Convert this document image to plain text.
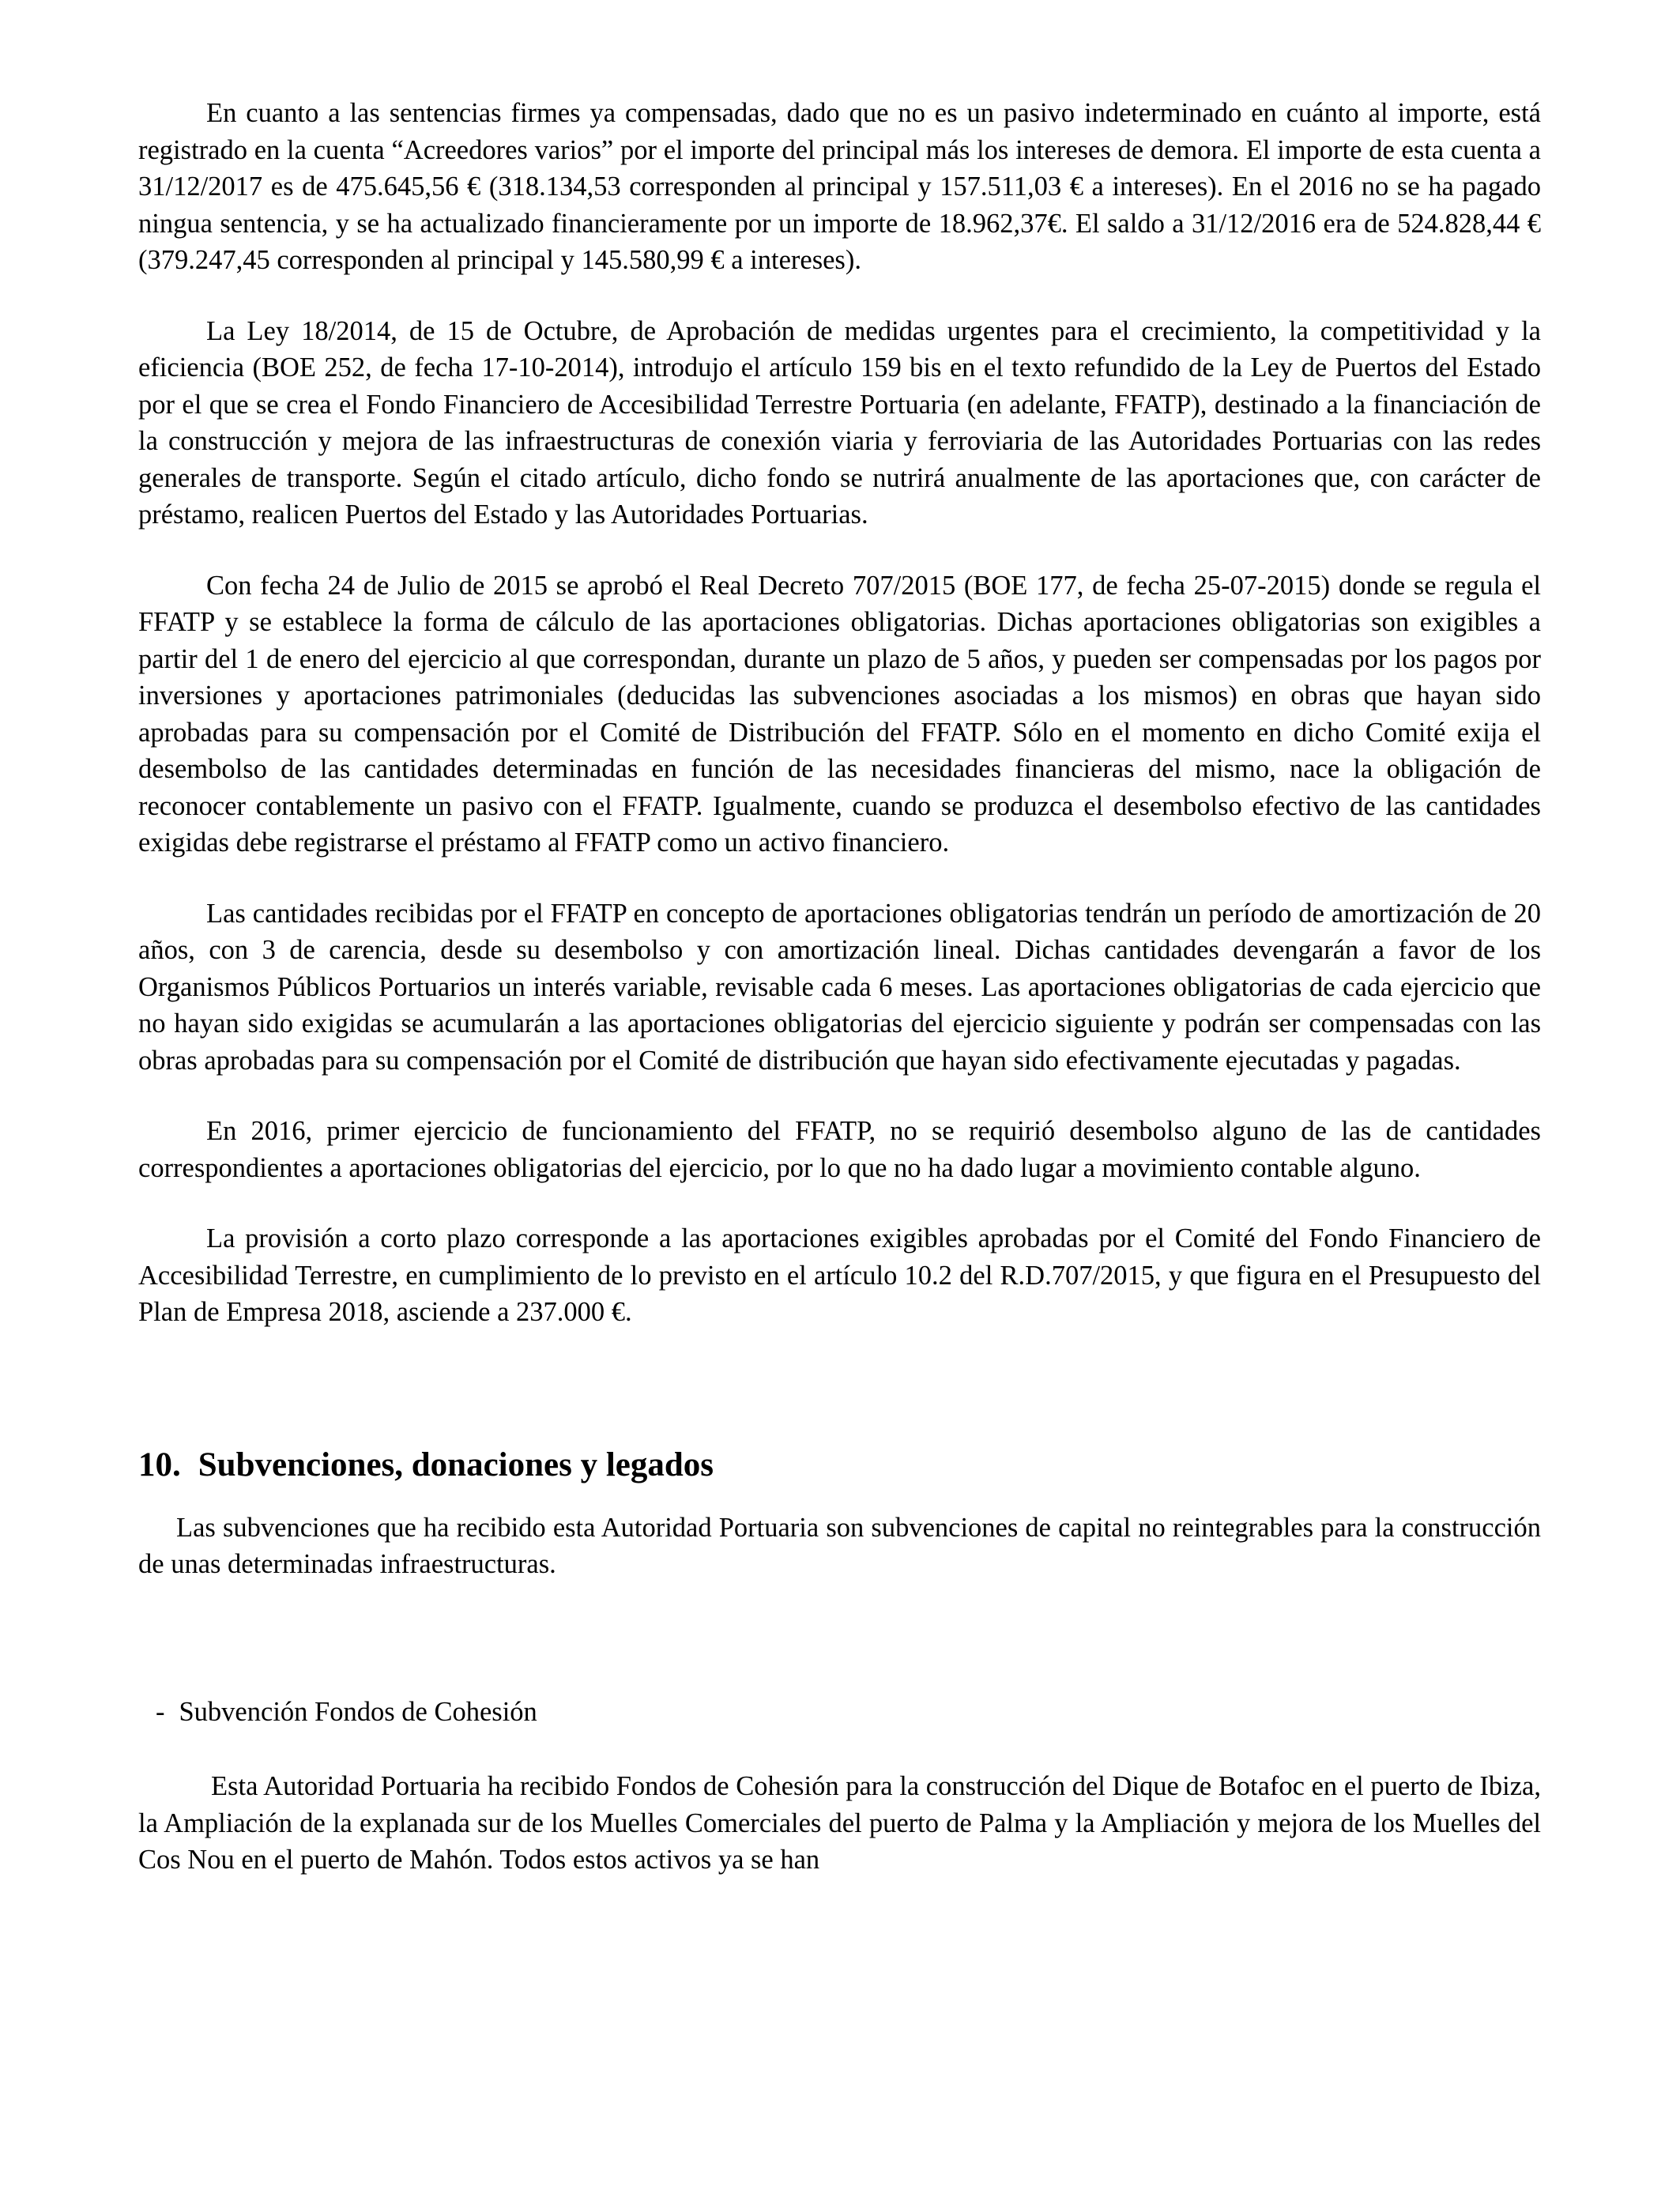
En cuanto a las sentencias firmes ya compensadas, dado que no es un pasivo indeterminado en cuánto al importe, está registrado en la cuenta “Acreedores varios” por el importe del principal más los intereses de demora. El importe de esta cuenta a 31/12/2017 es de 475.645,56 € (318.134,53 corresponden al principal y 157.511,03 € a intereses). En el 2016 no se ha pagado ningua sentencia, y se ha actualizado financieramente por un importe de 18.962,37€. El saldo a 31/12/2016 era de 524.828,44 € (379.247,45 corresponden al principal y 145.580,99 € a intereses).

La Ley 18/2014, de 15 de Octubre, de Aprobación de medidas urgentes para el crecimiento, la competitividad y la eficiencia (BOE 252, de fecha 17-10-2014), introdujo el artículo 159 bis en el texto refundido de la Ley de Puertos del Estado por el que se crea el Fondo Financiero de Accesibilidad Terrestre Portuaria (en adelante, FFATP), destinado a la financiación de la construcción y mejora de las infraestructuras de conexión viaria y ferroviaria de las Autoridades Portuarias con las redes generales de transporte. Según el citado artículo, dicho fondo se nutrirá anualmente de las aportaciones que, con carácter de préstamo, realicen Puertos del Estado y las Autoridades Portuarias.

Con fecha 24 de Julio de 2015 se aprobó el Real Decreto 707/2015 (BOE 177, de fecha 25-07-2015) donde se regula el FFATP y se establece la forma de cálculo de las aportaciones obligatorias. Dichas aportaciones obligatorias son exigibles a partir del 1 de enero del ejercicio al que correspondan, durante un plazo de 5 años, y pueden ser compensadas por los pagos por inversiones y aportaciones patrimoniales (deducidas las subvenciones asociadas a los mismos) en obras que hayan sido aprobadas para su compensación por el Comité de Distribución del FFATP. Sólo en el momento en dicho Comité exija el desembolso de las cantidades determinadas en función de las necesidades financieras del mismo, nace la obligación de reconocer contablemente un pasivo con el FFATP. Igualmente, cuando se produzca el desembolso efectivo de las cantidades exigidas debe registrarse el préstamo al FFATP como un activo financiero.

Las cantidades recibidas por el FFATP en concepto de aportaciones obligatorias tendrán un período de amortización de 20 años, con 3 de carencia, desde su desembolso y con amortización lineal. Dichas cantidades devengarán a favor de los Organismos Públicos Portuarios un interés variable, revisable cada 6 meses. Las aportaciones obligatorias de cada ejercicio que no hayan sido exigidas se acumularán a las aportaciones obligatorias del ejercicio siguiente y podrán ser compensadas con las obras aprobadas para su compensación por el Comité de distribución que hayan sido efectivamente ejecutadas y pagadas.

En 2016, primer ejercicio de funcionamiento del FFATP, no se requirió desembolso alguno de las de cantidades correspondientes a aportaciones obligatorias del ejercicio, por lo que no ha dado lugar a movimiento contable alguno.

La provisión a corto plazo corresponde a las aportaciones exigibles aprobadas por el Comité del Fondo Financiero de Accesibilidad Terrestre, en cumplimiento de lo previsto en el artículo 10.2 del R.D.707/2015, y que figura en el Presupuesto del Plan de Empresa 2018, asciende a 237.000 €.

10. Subvenciones, donaciones y legados

Las subvenciones que ha recibido esta Autoridad Portuaria son subvenciones de capital no reintegrables para la construcción de unas determinadas infraestructuras.

- Subvención Fondos de Cohesión

Esta Autoridad Portuaria ha recibido Fondos de Cohesión para la construcción del Dique de Botafoc en el puerto de Ibiza, la Ampliación de la explanada sur de los Muelles Comerciales del puerto de Palma y la Ampliación y mejora de los Muelles del Cos Nou en el puerto de Mahón. Todos estos activos ya se han
